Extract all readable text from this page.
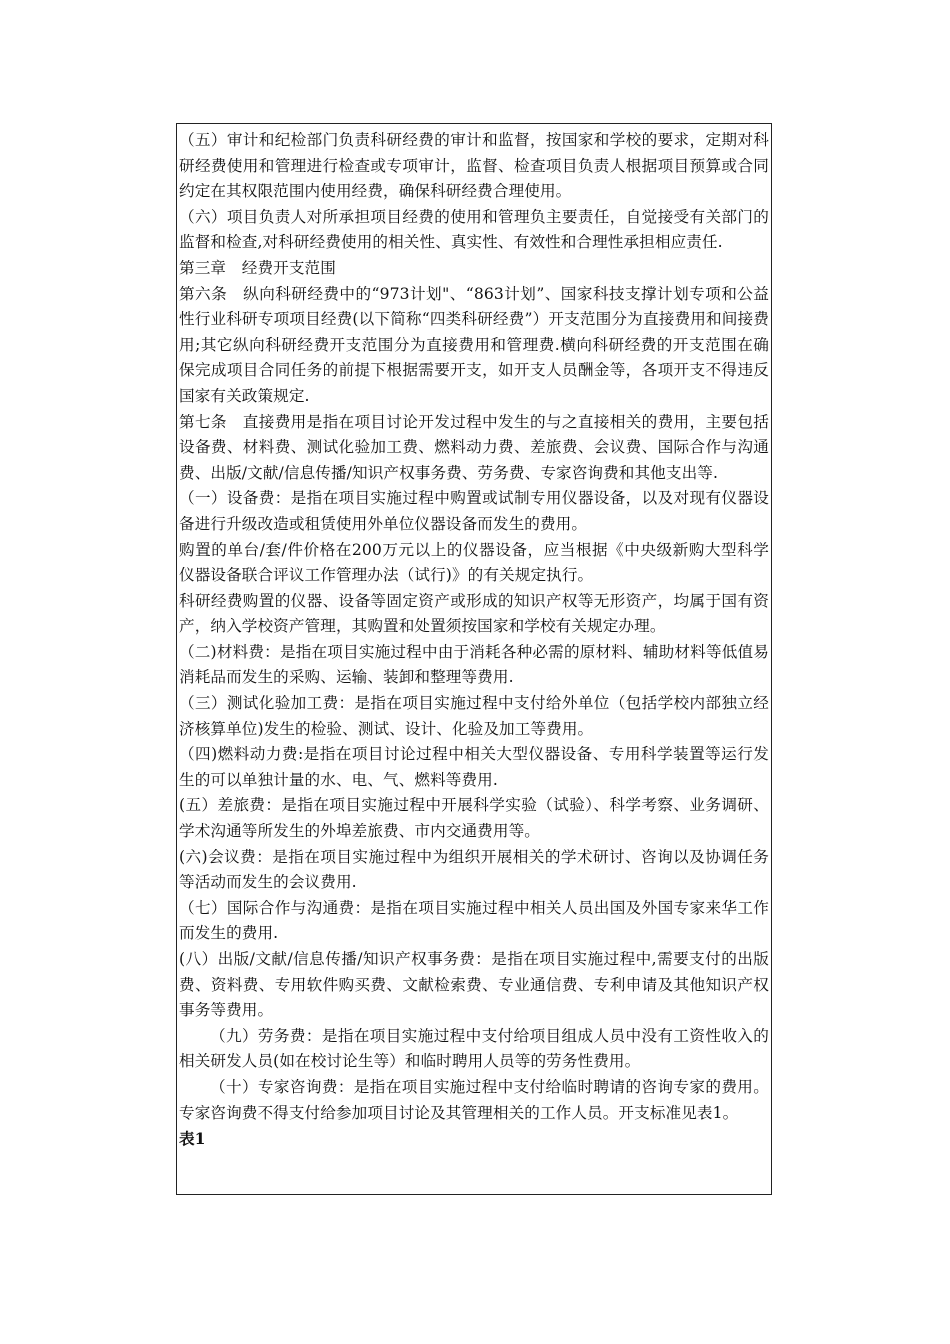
（五）审计和纪检部门负责科研经费的审计和监督，按国家和学校的要求，定期对科研经费使用和管理进行检查或专项审计，监督、检查项目负责人根据项目预算或合同约定在其权限范围内使用经费，确保科研经费合理使用。

（六）项目负责人对所承担项目经费的使用和管理负主要责任，自觉接受有关部门的监督和检查,对科研经费使用的相关性、真实性、有效性和合理性承担相应责任.

第三章　经费开支范围

第六条　纵向科研经费中的“973计划"、“863计划”、国家科技支撑计划专项和公益性行业科研专项项目经费(以下简称“四类科研经费”）开支范围分为直接费用和间接费用;其它纵向科研经费开支范围分为直接费用和管理费.横向科研经费的开支范围在确保完成项目合同任务的前提下根据需要开支，如开支人员酬金等，各项开支不得违反国家有关政策规定.

第七条　直接费用是指在项目讨论开发过程中发生的与之直接相关的费用，主要包括设备费、材料费、测试化验加工费、燃料动力费、差旅费、会议费、国际合作与沟通费、出版/文献/信息传播/知识产权事务费、劳务费、专家咨询费和其他支出等.

（一）设备费：是指在项目实施过程中购置或试制专用仪器设备，以及对现有仪器设备进行升级改造或租赁使用外单位仪器设备而发生的费用。

购置的单台/套/件价格在200万元以上的仪器设备，应当根据《中央级新购大型科学仪器设备联合评议工作管理办法（试行)》的有关规定执行。

科研经费购置的仪器、设备等固定资产或形成的知识产权等无形资产，均属于国有资产，纳入学校资产管理，其购置和处置须按国家和学校有关规定办理。

（二)材料费：是指在项目实施过程中由于消耗各种必需的原材料、辅助材料等低值易消耗品而发生的采购、运输、装卸和整理等费用.

（三）测试化验加工费：是指在项目实施过程中支付给外单位（包括学校内部独立经济核算单位)发生的检验、测试、设计、化验及加工等费用。

（四)燃料动力费:是指在项目讨论过程中相关大型仪器设备、专用科学装置等运行发生的可以单独计量的水、电、气、燃料等费用.

(五）差旅费：是指在项目实施过程中开展科学实验（试验）、科学考察、业务调研、学术沟通等所发生的外埠差旅费、市内交通费用等。

(六)会议费：是指在项目实施过程中为组织开展相关的学术研讨、咨询以及协调任务等活动而发生的会议费用.

（七）国际合作与沟通费：是指在项目实施过程中相关人员出国及外国专家来华工作而发生的费用.

(八）出版/文献/信息传播/知识产权事务费：是指在项目实施过程中,需要支付的出版费、资料费、专用软件购买费、文献检索费、专业通信费、专利申请及其他知识产权事务等费用。

（九）劳务费：是指在项目实施过程中支付给项目组成人员中没有工资性收入的相关研发人员(如在校讨论生等）和临时聘用人员等的劳务性费用。

（十）专家咨询费：是指在项目实施过程中支付给临时聘请的咨询专家的费用。专家咨询费不得支付给参加项目讨论及其管理相关的工作人员。开支标准见表1。

表1
